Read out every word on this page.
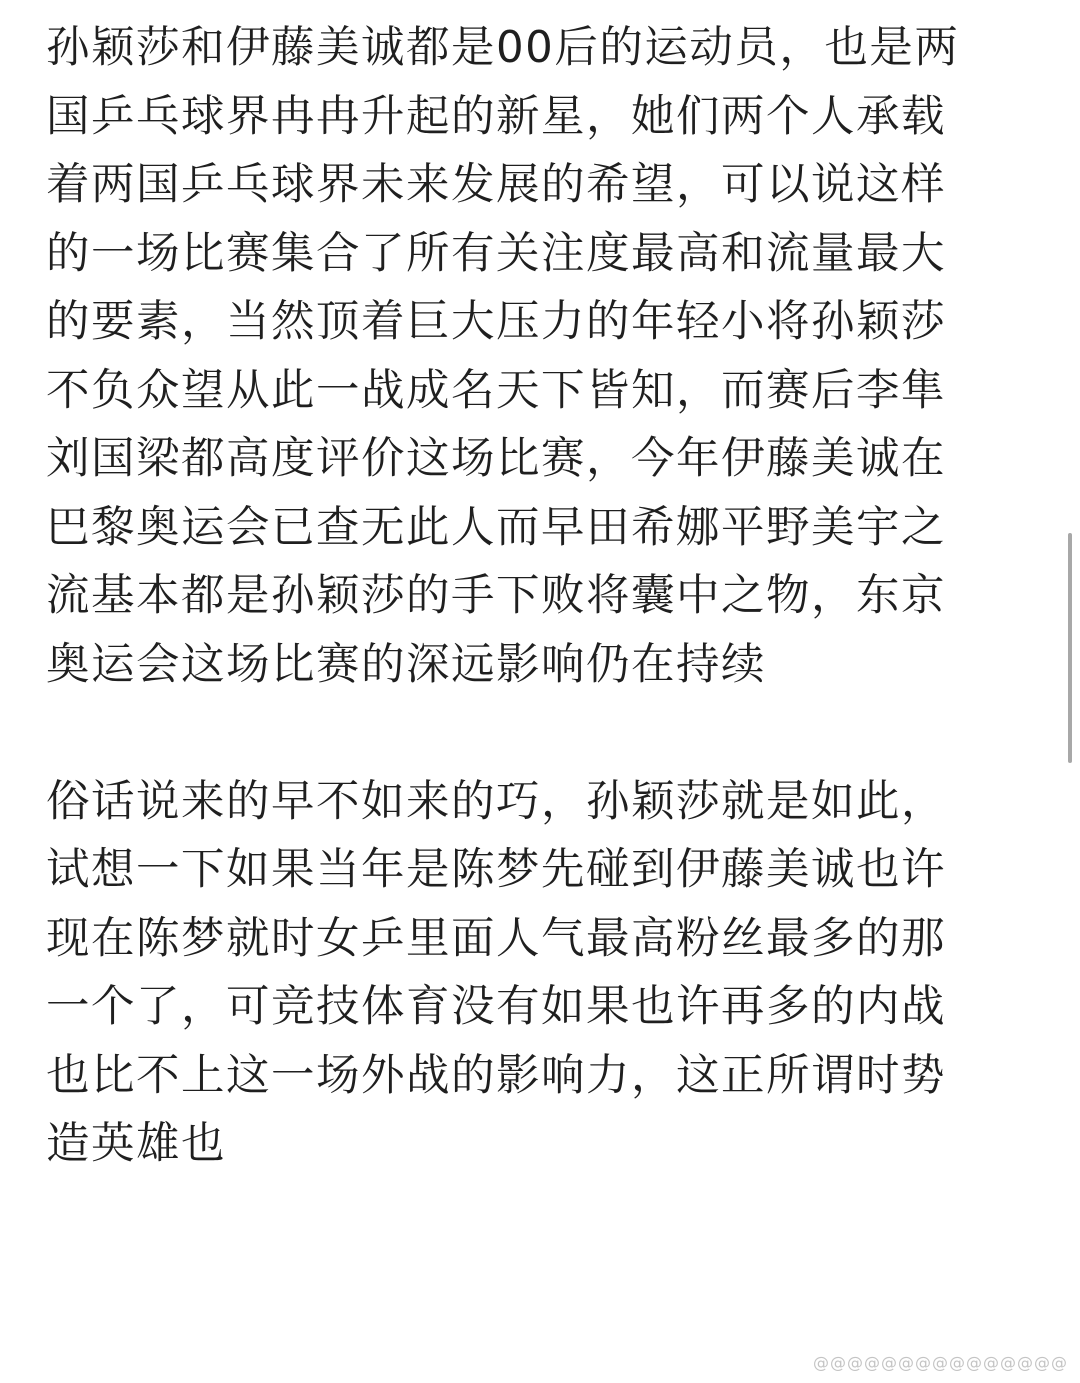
孙颖莎和伊藤美诚都是00后的运动员，也是两
国乒乓球界冉冉升起的新星，她们两个人承载
着两国乒乓球界未来发展的希望，可以说这样
的一场比赛集合了所有关注度最高和流量最大
的要素，当然顶着巨大压力的年轻小将孙颖莎
不负众望从此一战成名天下皆知，而赛后李隼
刘国梁都高度评价这场比赛，今年伊藤美诚在
巴黎奥运会已查无此人而早田希娜平野美宇之
流基本都是孙颖莎的手下败将囊中之物，东京
奥运会这场比赛的深远影响仍在持续
俗话说来的早不如来的巧，孙颖莎就是如此，
试想一下如果当年是陈梦先碰到伊藤美诚也许
现在陈梦就时女乒里面人气最高粉丝最多的那
一个了，可竞技体育没有如果也许再多的内战
也比不上这一场外战的影响力，这正所谓时势
造英雄也
@@@@@@@@@@@@@@@
